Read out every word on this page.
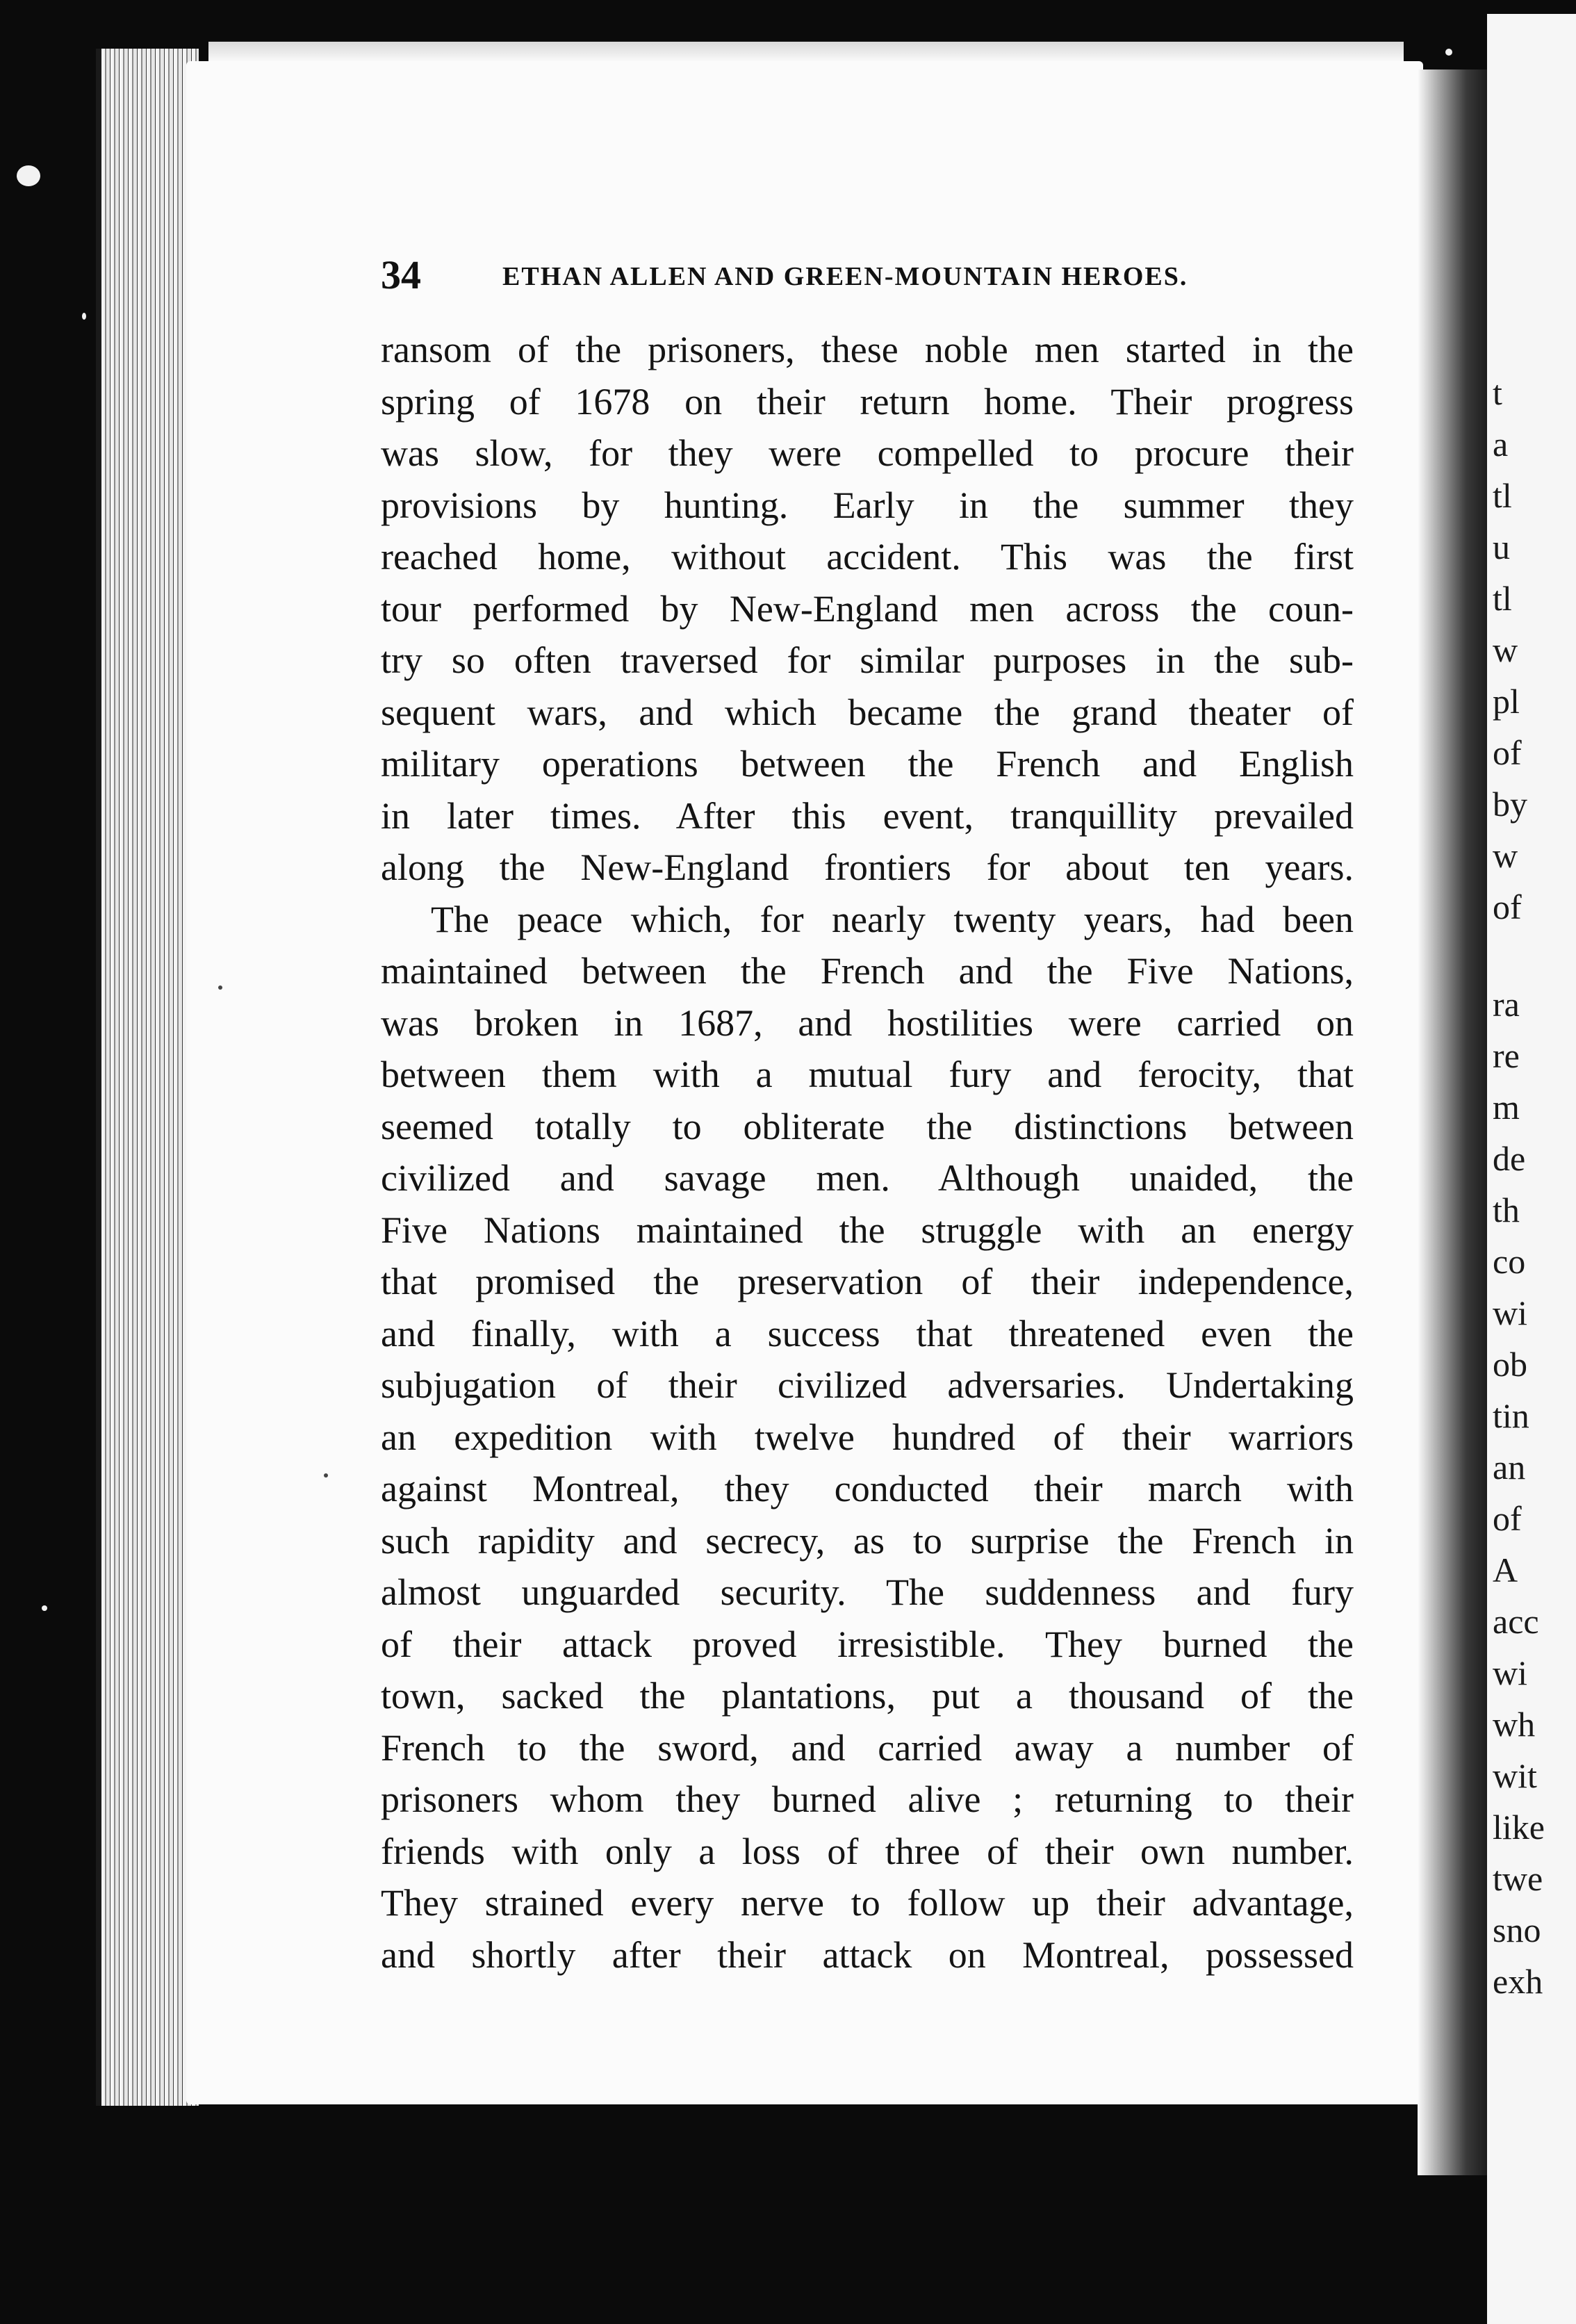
t
a
tl
u
tl
w
pl
of
by
w
of
ra
re
m
de
th
co
wi
ob
tin
an
of
A
acc
wi
wh
wit
like
twe
sno
exh
34	ETHAN ALLEN AND GREEN-MOUNTAIN HEROES.
ransom of the prisoners, these noble men started in the
spring of 1678 on their return home. Their progress
was slow, for they were compelled to procure their
provisions by hunting. Early in the summer they
reached home, without accident. This was the first
tour performed by New-England men across the coun-
try so often traversed for similar purposes in the sub-
sequent wars, and which became the grand theater of
military operations between the French and English
in later times. After this event, tranquillity prevailed
along the New-England frontiers for about ten years.
The peace which, for nearly twenty years, had been
maintained between the French and the Five Nations,
was broken in 1687, and hostilities were carried on
between them with a mutual fury and ferocity, that
seemed totally to obliterate the distinctions between
civilized and savage men. Although unaided, the
Five Nations maintained the struggle with an energy
that promised the preservation of their independence,
and finally, with a success that threatened even the
subjugation of their civilized adversaries. Undertaking
an expedition with twelve hundred of their warriors
against Montreal, they conducted their march with
such rapidity and secrecy, as to surprise the French in
almost unguarded security. The suddenness and fury
of their attack proved irresistible. They burned the
town, sacked the plantations, put a thousand of the
French to the sword, and carried away a number of
prisoners whom they burned alive ; returning to their
friends with only a loss of three of their own number.
They strained every nerve to follow up their advantage,
and shortly after their attack on Montreal, possessed
